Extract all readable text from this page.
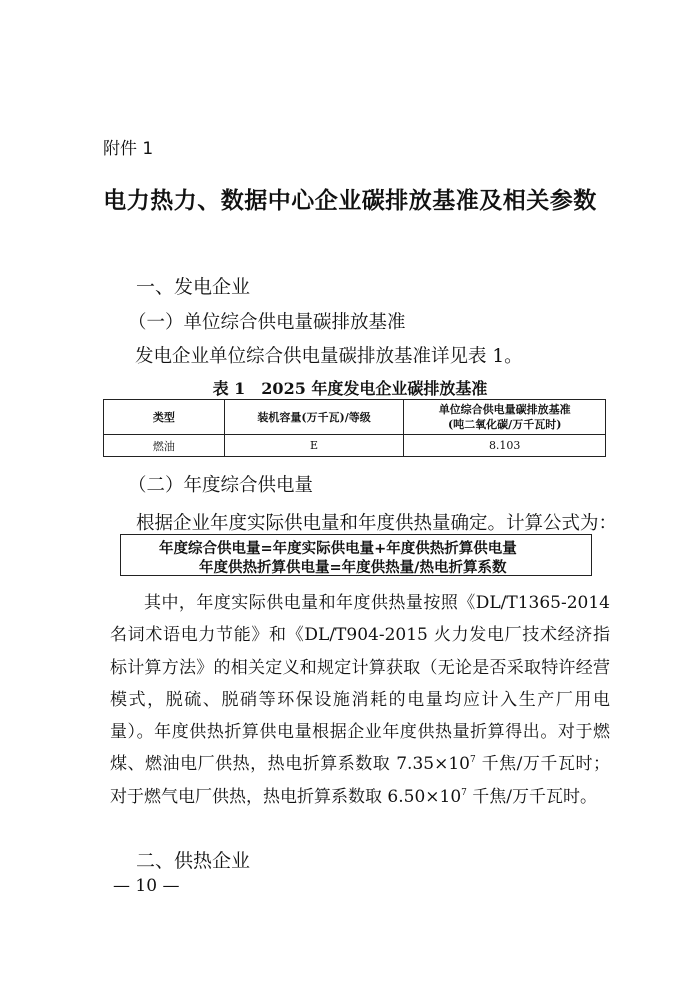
附件 1
电力热力、数据中心企业碳排放基准及相关参数
一、发电企业
（一）单位综合供电量碳排放基准
发电企业单位综合供电量碳排放基准详见表 1。
表 1　2025 年度发电企业碳排放基准
类型	装机容量(万千瓦)/等级	单位综合供电量碳排放基准
(吨二氧化碳/万千瓦时)

燃油	E	8.103
（二）年度综合供电量
根据企业年度实际供电量和年度供热量确定。计算公式为：
年度综合供电量=年度实际供电量+年度供热折算供电量
年度供热折算供电量=年度供热量/热电折算系数

其中，年度实际供电量和年度供热量按照《DL/T1365-2014 名词术语电力节能》和《DL/T904-2015 火力发电厂技术经济指标计算方法》的相关定义和规定计算获取（无论是否采取特许经营模式，脱硫、脱硝等环保设施消耗的电量均应计入生产厂用电量）。年度供热折算供电量根据企业年度供热量折算得出。对于燃煤、燃油电厂供热，热电折算系数取 $7.35\times 10^7$ 千焦/万千瓦时；对于燃气电厂供热，热电折算系数取 $6.50\times 10^7$ 千焦/万千瓦时。

二、供热企业
— 10 —
